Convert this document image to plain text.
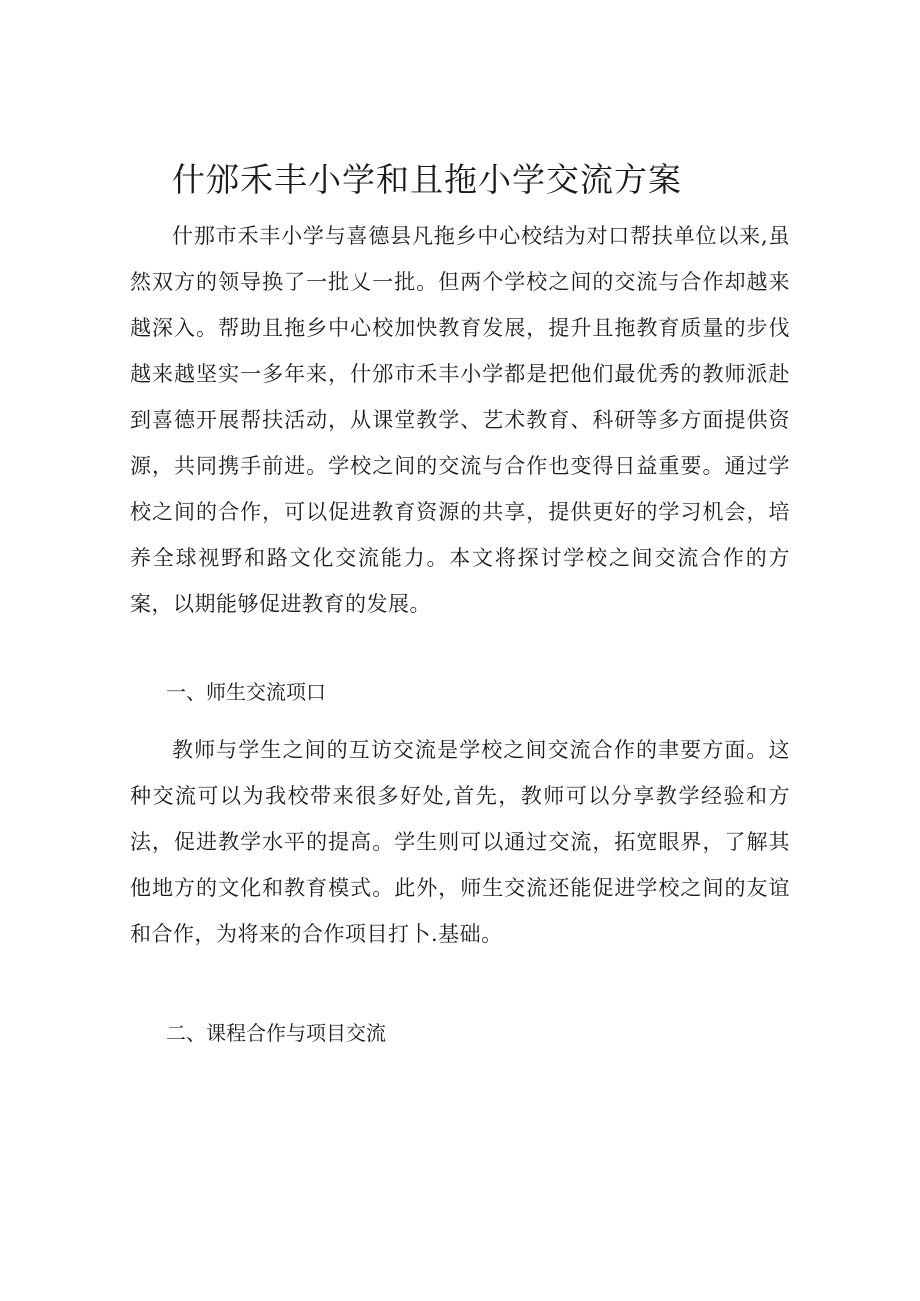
什邠禾丰小学和且拖小学交流方案

什那市禾丰小学与喜德县凡拖乡中心校结为对口帮扶单位以来,虽然双方的领导换了一批乂一批。但两个学校之间的交流与合作却越来越深入。帮助且拖乡中心校加快教育发展，提升且拖教育质量的步伐越来越坚实一多年来，什邠市禾丰小学都是把他们最优秀的教师派赴到喜德开展帮扶活动，从课堂教学、艺术教育、科研等多方面提供资源，共同携手前进。学校之间的交流与合作也变得日益重要。通过学校之间的合作，可以促进教育资源的共享，提供更好的学习机会，培养全球视野和路文化交流能力。本文将探讨学校之间交流合作的方案，以期能够促进教育的发展。

一、师生交流项口

教师与学生之间的互访交流是学校之间交流合作的聿要方面。这种交流可以为我校带来很多好处,首先，教师可以分享教学经验和方法，促进教学水平的提高。学生则可以通过交流，拓宽眼界，了解其他地方的文化和教育模式。此外，师生交流还能促进学校之间的友谊和合作，为将来的合作项目打卜.基础。

二、课程合作与项目交流
